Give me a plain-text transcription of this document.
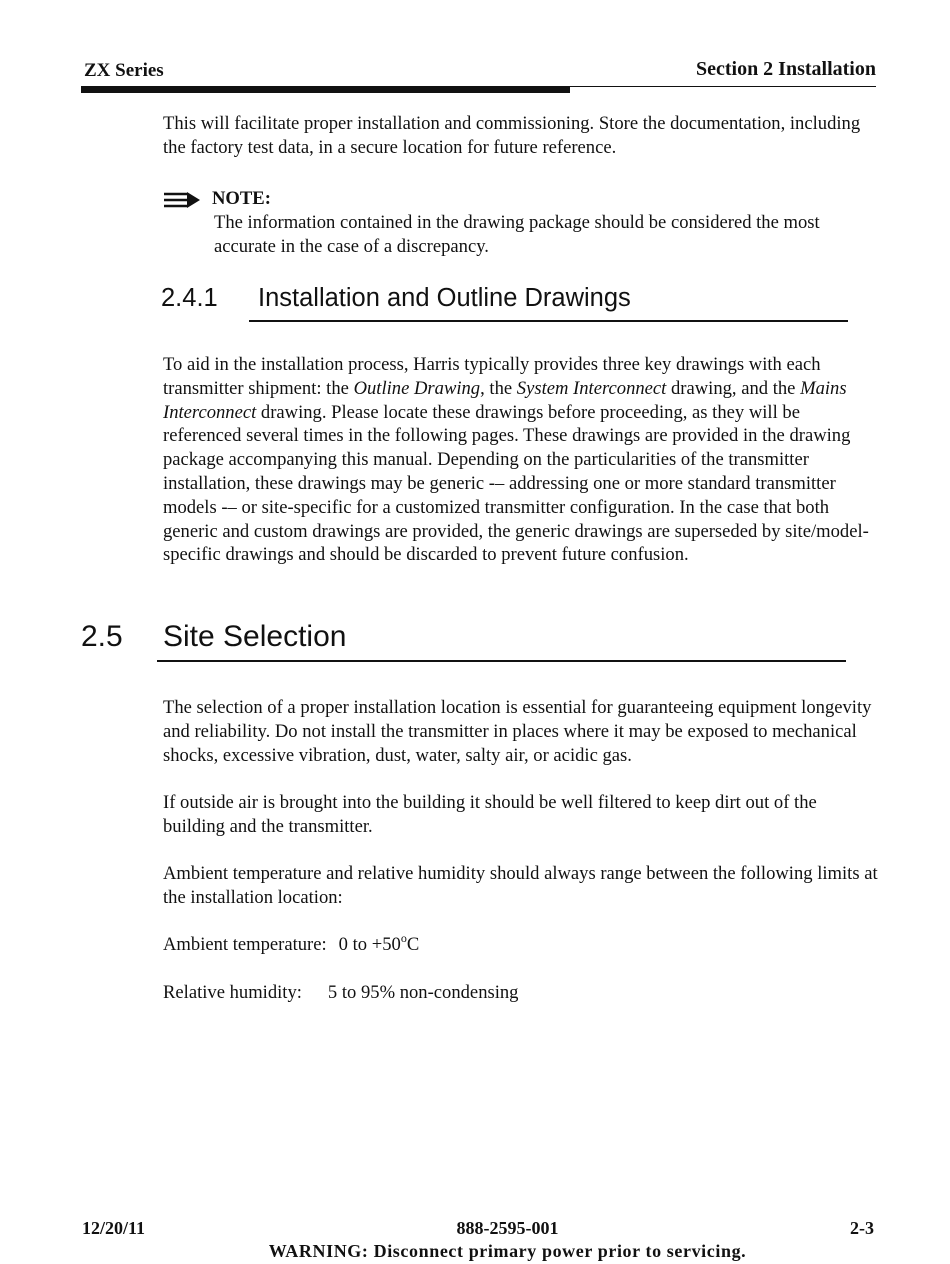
ZX Series	Section 2 Installation
This will facilitate proper installation and commissioning. Store the documentation, including the factory test data, in a secure location for future reference.
NOTE:
The information contained in the drawing package should be considered the most accurate in the case of a discrepancy.
2.4.1 Installation and Outline Drawings
To aid in the installation process, Harris typically provides three key drawings with each transmitter shipment: the Outline Drawing, the System Interconnect drawing, and the Mains Interconnect drawing. Please locate these drawings before proceeding, as they will be referenced several times in the following pages. These drawings are provided in the drawing package accompanying this manual. Depending on the particularities of the transmitter installation, these drawings may be generic -– addressing one or more standard transmitter models -– or site-specific for a customized transmitter configuration. In the case that both generic and custom drawings are provided, the generic drawings are superseded by site/model-specific drawings and should be discarded to prevent future confusion.
2.5 Site Selection
The selection of a proper installation location is essential for guaranteeing equipment longevity and reliability. Do not install the transmitter in places where it may be exposed to mechanical shocks, excessive vibration, dust, water, salty air, or acidic gas.
If outside air is brought into the building it should be well filtered to keep dirt out of the building and the transmitter.
Ambient temperature and relative humidity should always range between the following limits at the installation location:
Ambient temperature: 0 to $+50^oC$
Relative humidity: 5 to 95% non-condensing
12/20/11	888-2595-001	2-3
WARNING: Disconnect primary power prior to servicing.
